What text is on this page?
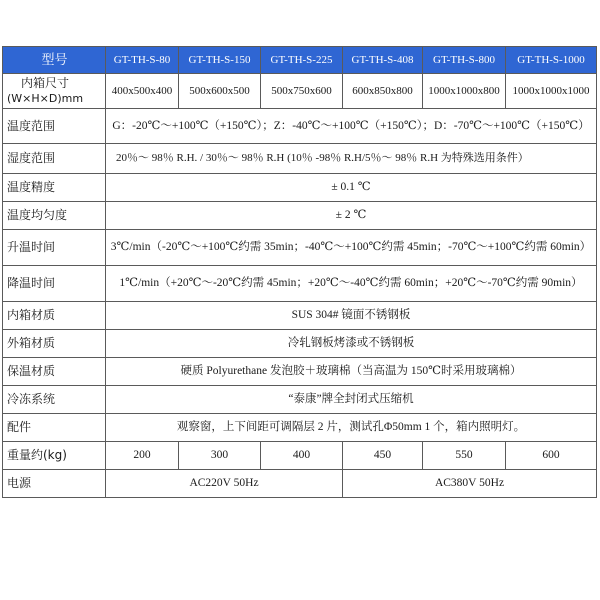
型号	GT-TH-S-80	GT-TH-S-150	GT-TH-S-225	GT-TH-S-408	GT-TH-S-800	GT-TH-S-1000

内箱尺寸
(W×H×D)mm	400x500x400	500x600x500	500x750x600	600x850x800	1000x1000x800	1000x1000x1000
温度范围	G：-20℃～+100℃（+150℃）；Z：-40℃～+100℃（+150℃）；D：-70℃～+100℃（+150℃）					
湿度范围	20％～ 98％ R.H. / 30％～ 98％ R.H (10％ -98％ R.H/5％～ 98％ R.H 为特殊选用条件）					
温度精度	± 0.1 ℃					
温度均匀度	± 2 ℃					
升温时间	3℃/min（-20℃～+100℃约需 35min；-40℃～+100℃约需 45min；-70℃～+100℃约需 60min）					
降温时间	1℃/min（+20℃～-20℃约需 45min；+20℃～-40℃约需 60min；+20℃～-70℃约需 90min）					
内箱材质	SUS 304# 镜面不锈钢板					
外箱材质	冷轧钢板烤漆或不锈钢板					
保温材质	硬质 Polyurethane 发泡胶＋玻璃棉（当高温为 150℃时采用玻璃棉）					
冷冻系统	“泰康”牌全封闭式压缩机					
配件	观察窗，上下间距可调隔层 2 片，测试孔Φ50mm 1 个，箱内照明灯。					
重量约(kg)	200	300	400	450	550	600
电源	AC220V 50Hz			AC380V 50Hz		
